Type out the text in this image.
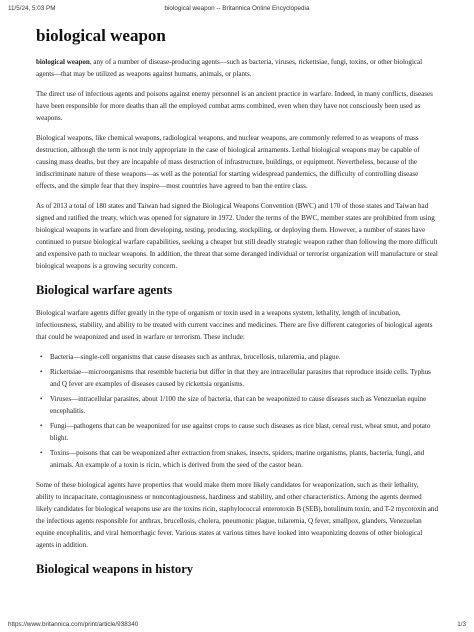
11/5/24, 5:03 PM	biological weapon -- Britannica Online Encyclopedia
biological weapon

biological weapon, any of a number of disease-producing agents—such as bacteria, viruses, rickettsiae, fungi, toxins, or other biological agents—that may be utilized as weapons against humans, animals, or plants.

The direct use of infectious agents and poisons against enemy personnel is an ancient practice in warfare. Indeed, in many conflicts, diseases have been responsible for more deaths than all the employed combat arms combined, even when they have not consciously been used as weapons.

Biological weapons, like chemical weapons, radiological weapons, and nuclear weapons, are commonly referred to as weapons of mass destruction, although the term is not truly appropriate in the case of biological armaments. Lethal biological weapons may be capable of causing mass deaths, but they are incapable of mass destruction of infrastructure, buildings, or equipment. Nevertheless, because of the indiscriminate nature of these weapons—as well as the potential for starting widespread pandemics, the difficulty of controlling disease effects, and the simple fear that they inspire—most countries have agreed to ban the entire class.

As of 2013 a total of 180 states and Taiwan had signed the Biological Weapons Convention (BWC) and 170 of those states and Taiwan had signed and ratified the treaty, which was opened for signature in 1972. Under the terms of the BWC, member states are prohibited from using biological weapons in warfare and from developing, testing, producing, stockpiling, or deploying them. However, a number of states have continued to pursue biological warfare capabilities, seeking a cheaper but still deadly strategic weapon rather than following the more difficult and expensive path to nuclear weapons. In addition, the threat that some deranged individual or terrorist organization will manufacture or steal biological weapons is a growing security concern.

Biological warfare agents

Biological warfare agents differ greatly in the type of organism or toxin used in a weapons system, lethality, length of incubation, infectiousness, stability, and ability to be treated with current vaccines and medicines. There are five different categories of biological agents that could be weaponized and used in warfare or terrorism. These include:

• Bacteria—single-cell organisms that cause diseases such as anthrax, brucellosis, tularemia, and plague.
• Rickettsiae—microorganisms that resemble bacteria but differ in that they are intracellular parasites that reproduce inside cells. Typhus and Q fever are examples of diseases caused by rickettsia organisms.
• Viruses—intracellular parasites, about 1/100 the size of bacteria, that can be weaponized to cause diseases such as Venezuelan equine encephalitis.
• Fungi—pathogens that can be weaponized for use against crops to cause such diseases as rice blast, cereal rust, wheat smut, and potato blight.
• Toxins—poisons that can be weaponized after extraction from snakes, insects, spiders, marine organisms, plants, bacteria, fungi, and animals. An example of a toxin is ricin, which is derived from the seed of the castor bean.

Some of these biological agents have properties that would make them more likely candidates for weaponization, such as their lethality, ability to incapacitate, contagiousness or noncontagiousness, hardiness and stability, and other characteristics. Among the agents deemed likely candidates for biological weapons use are the toxins ricin, staphylococcal enterotoxin B (SEB), botulinum toxin, and T-2 mycotoxin and the infectious agents responsible for anthrax, brucellosis, cholera, pneumonic plague, tularemia, Q fever, smallpox, glanders, Venezuelan equine encephalitis, and viral hemorrhagic fever. Various states at various times have looked into weaponizing dozens of other biological agents in addition.

Biological weapons in history
https://www.britannica.com/print/article/938340	1/3
